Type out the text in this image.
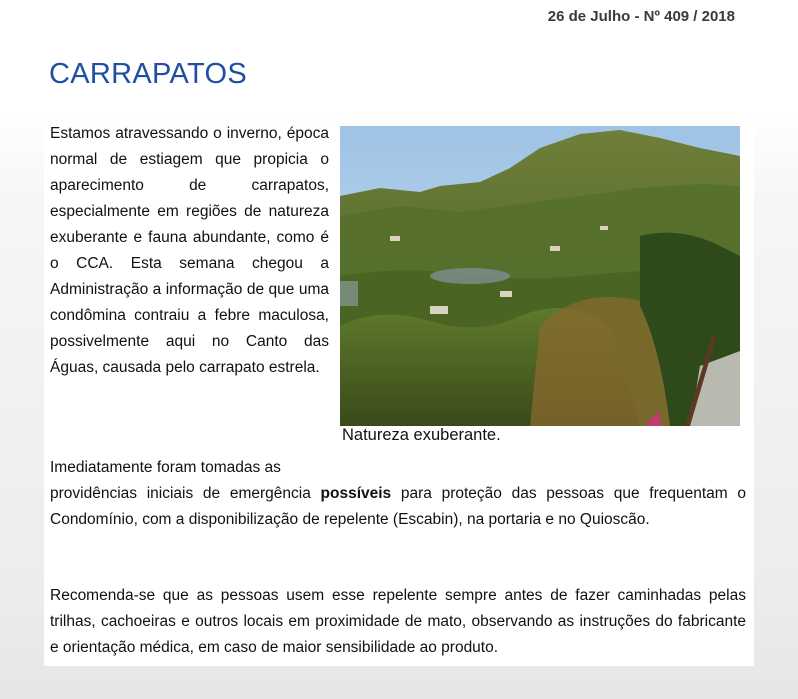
26 de Julho - Nº 409 / 2018
CARRAPATOS

Estamos atravessando o inverno, época normal de estiagem que propicia o aparecimento de carrapatos, especialmente em regiões de natureza exuberante e fauna abundante, como é o CCA. Esta semana chegou a Administração a informação de que uma condômina contraiu a febre maculosa, possivelmente aqui no Canto das Águas, causada pelo carrapato estrela.

Natureza exuberante.

Imediatamente foram tomadas as

providências iniciais de emergência possíveis para proteção das pessoas que frequentam o Condomínio, com a disponibilização de repelente (Escabin), na portaria e no Quioscão.

Recomenda-se que as pessoas usem esse repelente sempre antes de fazer caminhadas pelas trilhas, cachoeiras e outros locais em proximidade de mato, observando as instruções do fabricante e orientação médica, em caso de maior sensibilidade ao produto.
